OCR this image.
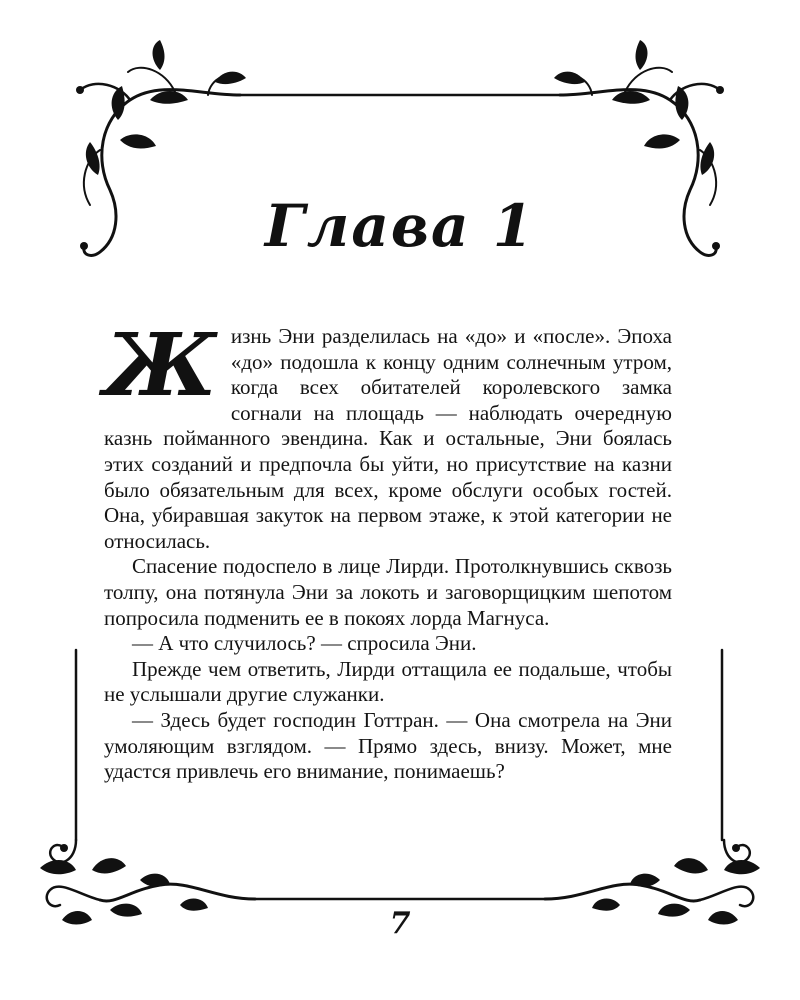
Глава 1

Жизнь Эни разделилась на «до» и «после». Эпоха «до» подошла к концу одним солнечным утром, когда всех обитателей королевского замка согнали на площадь — наблюдать очередную казнь пойманного эвендина. Как и остальные, Эни боялась этих созданий и предпочла бы уйти, но присутствие на казни было обязательным для всех, кроме обслуги особых гостей. Она, убиравшая закуток на первом этаже, к этой категории не относилась.

Спасение подоспело в лице Лирди. Протолкнувшись сквозь толпу, она потянула Эни за локоть и заговорщицким шепотом попросила подменить ее в покоях лорда Магнуса.

— А что случилось? — спросила Эни.

Прежде чем ответить, Лирди оттащила ее подальше, чтобы не услышали другие служанки.

— Здесь будет господин Готтран. — Она смотрела на Эни умоляющим взглядом. — Прямо здесь, внизу. Может, мне удастся привлечь его внимание, понимаешь?

7
